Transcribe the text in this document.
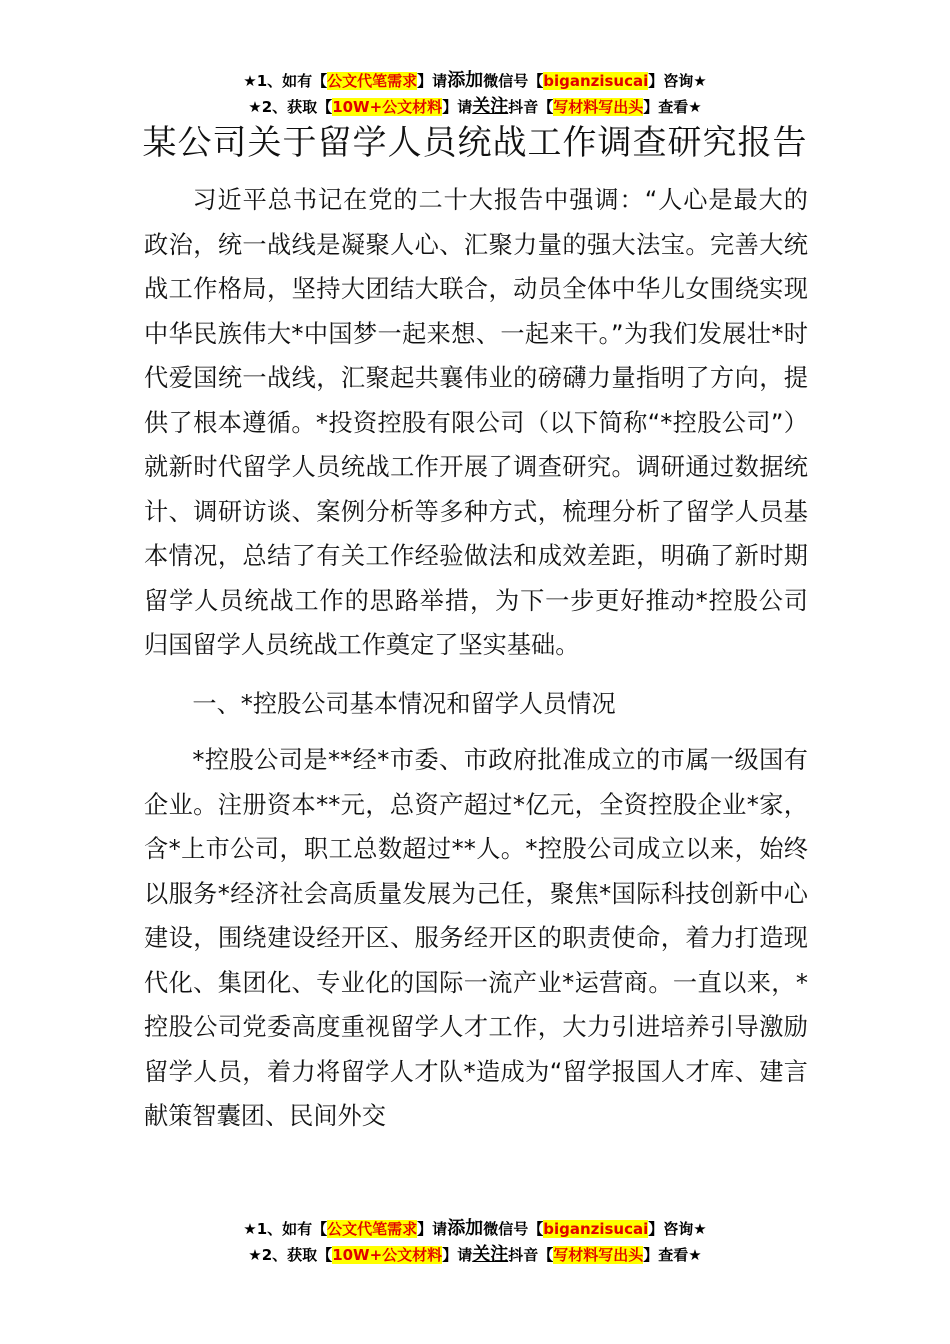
★1、如有【公文代笔需求】请添加微信号【biganzisucai】咨询★
★2、获取【10W+公文材料】请关注抖音【写材料写出头】查看★
某公司关于留学人员统战工作调查研究报告

习近平总书记在党的二十大报告中强调：“人心是最大的政治，统一战线是凝聚人心、汇聚力量的强大法宝。完善大统战工作格局，坚持大团结大联合，动员全体中华儿女围绕实现中华民族伟大*中国梦一起来想、一起来干。”为我们发展壮*时代爱国统一战线，汇聚起共襄伟业的磅礴力量指明了方向，提供了根本遵循。*投资控股有限公司（以下简称“*控股公司”）就新时代留学人员统战工作开展了调查研究。调研通过数据统计、调研访谈、案例分析等多种方式，梳理分析了留学人员基本情况，总结了有关工作经验做法和成效差距，明确了新时期留学人员统战工作的思路举措，为下一步更好推动*控股公司归国留学人员统战工作奠定了坚实基础。

一、*控股公司基本情况和留学人员情况

*控股公司是**经*市委、市政府批准成立的市属一级国有企业。注册资本**元，总资产超过*亿元，全资控股企业*家，含*上市公司，职工总数超过**人。*控股公司成立以来，始终以服务*经济社会高质量发展为己任，聚焦*国际科技创新中心建设，围绕建设经开区、服务经开区的职责使命，着力打造现代化、集团化、专业化的国际一流产业*运营商。一直以来，*控股公司党委高度重视留学人才工作，大力引进培养引导激励留学人员，着力将留学人才队*造成为“留学报国人才库、建言献策智囊团、民间外交

★1、如有【公文代笔需求】请添加微信号【biganzisucai】咨询★
★2、获取【10W+公文材料】请关注抖音【写材料写出头】查看★
